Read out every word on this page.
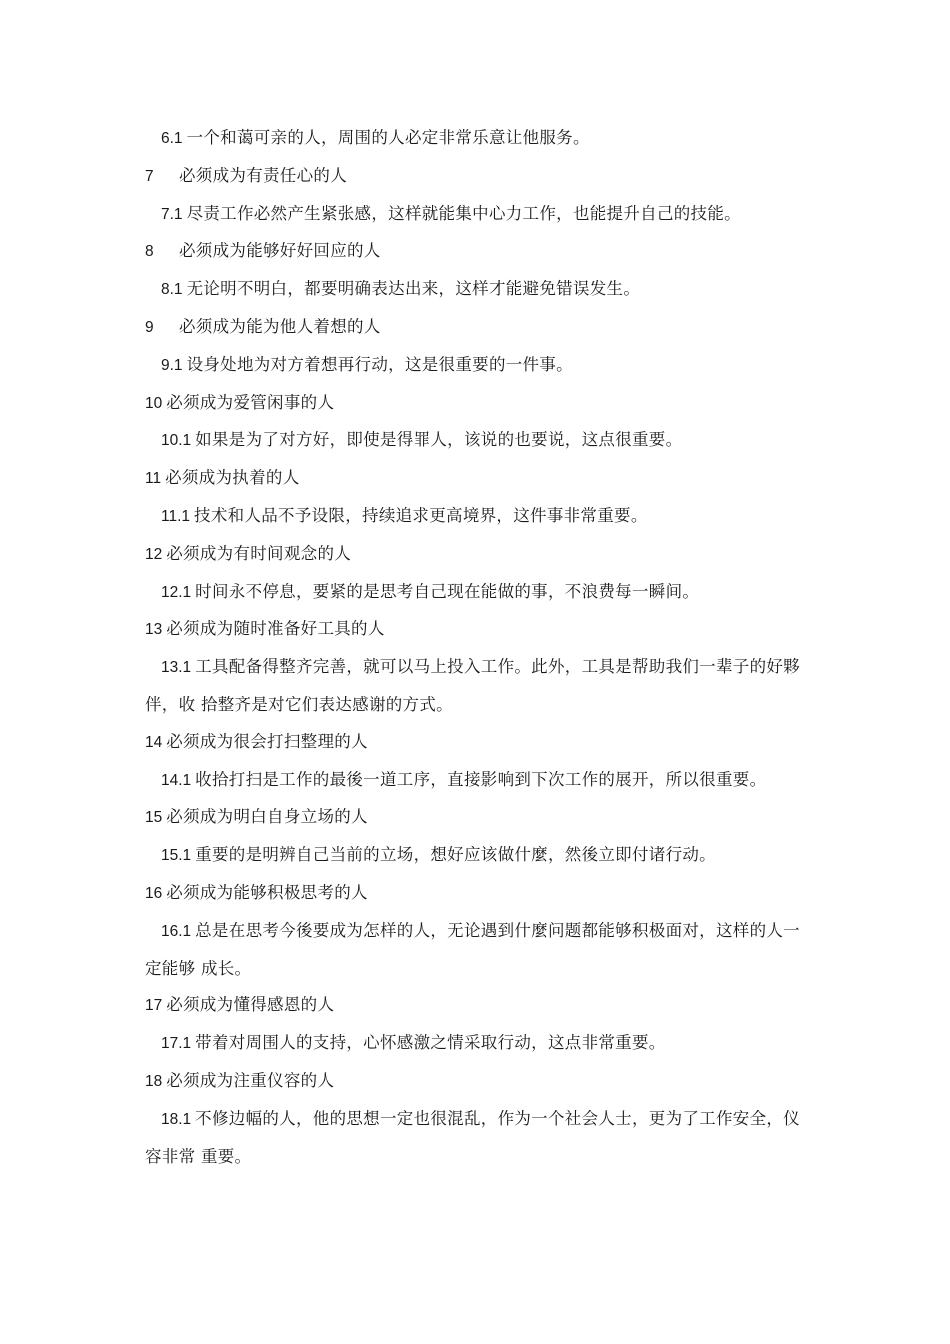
6.1 一个和蔼可亲的人，周围的人必定非常乐意让他服务。

7 必须成为有责任心的人

7.1 尽责工作必然产生紧张感，这样就能集中心力工作，也能提升自己的技能。

8 必须成为能够好好回应的人

8.1 无论明不明白，都要明确表达出来，这样才能避免错误发生。

9 必须成为能为他人着想的人

9.1 设身处地为对方着想再行动，这是很重要的一件事。

10 必须成为爱管闲事的人

10.1 如果是为了对方好，即使是得罪人，该说的也要说，这点很重要。

11 必须成为执着的人

11.1 技术和人品不予设限，持续追求更高境界，这件事非常重要。

12 必须成为有时间观念的人

12.1 时间永不停息，要紧的是思考自己现在能做的事，不浪费每一瞬间。

13 必须成为随时准备好工具的人

13.1 工具配备得整齐完善，就可以马上投入工作。此外，工具是帮助我们一辈子的好夥伴，收 拾整齐是对它们表达感谢的方式。

14 必须成为很会打扫整理的人

14.1 收拾打扫是工作的最後一道工序，直接影响到下次工作的展开，所以很重要。

15 必须成为明白自身立场的人

15.1 重要的是明辨自己当前的立场，想好应该做什麼，然後立即付诸行动。

16 必须成为能够积极思考的人

16.1 总是在思考今後要成为怎样的人，无论遇到什麼问题都能够积极面对，这样的人一定能够 成长。

17 必须成为懂得感恩的人

17.1 带着对周围人的支持，心怀感激之情采取行动，这点非常重要。

18 必须成为注重仪容的人

18.1 不修边幅的人，他的思想一定也很混乱，作为一个社会人士，更为了工作安全，仪容非常 重要。
